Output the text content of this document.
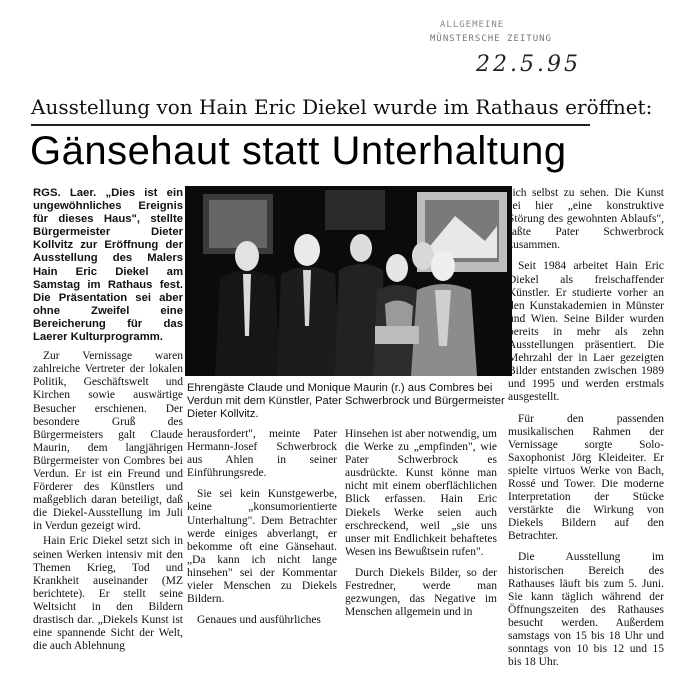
ALLGEMEINE
MÜNSTERSCHE ZEITUNG
22.5.95
Ausstellung von Hain Eric Diekel wurde im Rathaus eröffnet:
Gänsehaut statt Unterhaltung

RGS. Laer. „Dies ist ein ungewöhnliches Ereignis für dieses Haus", stellte Bürgermeister Dieter Kollvitz zur Eröffnung der Ausstellung des Malers Hain Eric Diekel am Samstag im Rathaus fest. Die Präsentation sei aber ohne Zweifel eine Bereicherung für das Laerer Kulturprogramm.

Zur Vernissage waren zahlreiche Vertreter der lokalen Politik, Geschäftswelt und Kirchen sowie auswärtige Besucher erschienen. Der besondere Gruß des Bürgermeisters galt Claude Maurin, dem langjährigen Bürgermeister von Combres bei Verdun. Er ist ein Freund und Förderer des Künstlers und maßgeblich daran beteiligt, daß die Diekel-Ausstellung im Juli in Verdun gezeigt wird.

Hain Eric Diekel setzt sich in seinen Werken intensiv mit den Themen Krieg, Tod und Krankheit auseinander (MZ berichtete). Er stellt seine Weltsicht in den Bildern drastisch dar. „Diekels Kunst ist eine spannende Sicht der Welt, die auch Ablehnung

Ehrengäste Claude und Monique Maurin (r.) aus Combres bei Verdun mit dem Künstler, Pater Schwerbrock und Bürgermeister Dieter Kollvitz.

herausfordert", meinte Pater Hermann-Josef Schwerbrock aus Ahlen in seiner Einführungsrede.

Sie sei kein Kunstgewerbe, keine „konsumorientierte Unterhaltung". Dem Betrachter werde einiges abverlangt, er bekomme oft eine Gänsehaut. „Da kann ich nicht lange hinsehen" sei der Kommentar vieler Menschen zu Diekels Bildern.

Genaues und ausführliches

Hinsehen ist aber notwendig, um die Werke zu „empfinden", wie Pater Schwerbrock es ausdrückte. Kunst könne man nicht mit einem oberflächlichen Blick erfassen. Hain Eric Diekels Werke seien auch erschreckend, weil „sie uns unser mit Endlichkeit behaftetes Wesen ins Bewußtsein rufen".

Durch Diekels Bilder, so der Festredner, werde man gezwungen, das Negative im Menschen allgemein und in

sich selbst zu sehen. Die Kunst sei hier „eine konstruktive Störung des gewohnten Ablaufs", faßte Pater Schwerbrock zusammen.

Seit 1984 arbeitet Hain Eric Diekel als freischaffender Künstler. Er studierte vorher an den Kunstakademien in Münster und Wien. Seine Bilder wurden bereits in mehr als zehn Ausstellungen präsentiert. Die Mehrzahl der in Laer gezeigten Bilder entstanden zwischen 1989 und 1995 und werden erstmals ausgestellt.

Für den passenden musikalischen Rahmen der Vernissage sorgte Solo-Saxophonist Jörg Kleideiter. Er spielte virtuos Werke von Bach, Rossé und Tower. Die moderne Interpretation der Stücke verstärkte die Wirkung von Diekels Bildern auf den Betrachter.

Die Ausstellung im historischen Bereich des Rathauses läuft bis zum 5. Juni. Sie kann täglich während der Öffnungszeiten des Rathauses besucht werden. Außerdem samstags von 15 bis 18 Uhr und sonntags von 10 bis 12 und 15 bis 18 Uhr.
